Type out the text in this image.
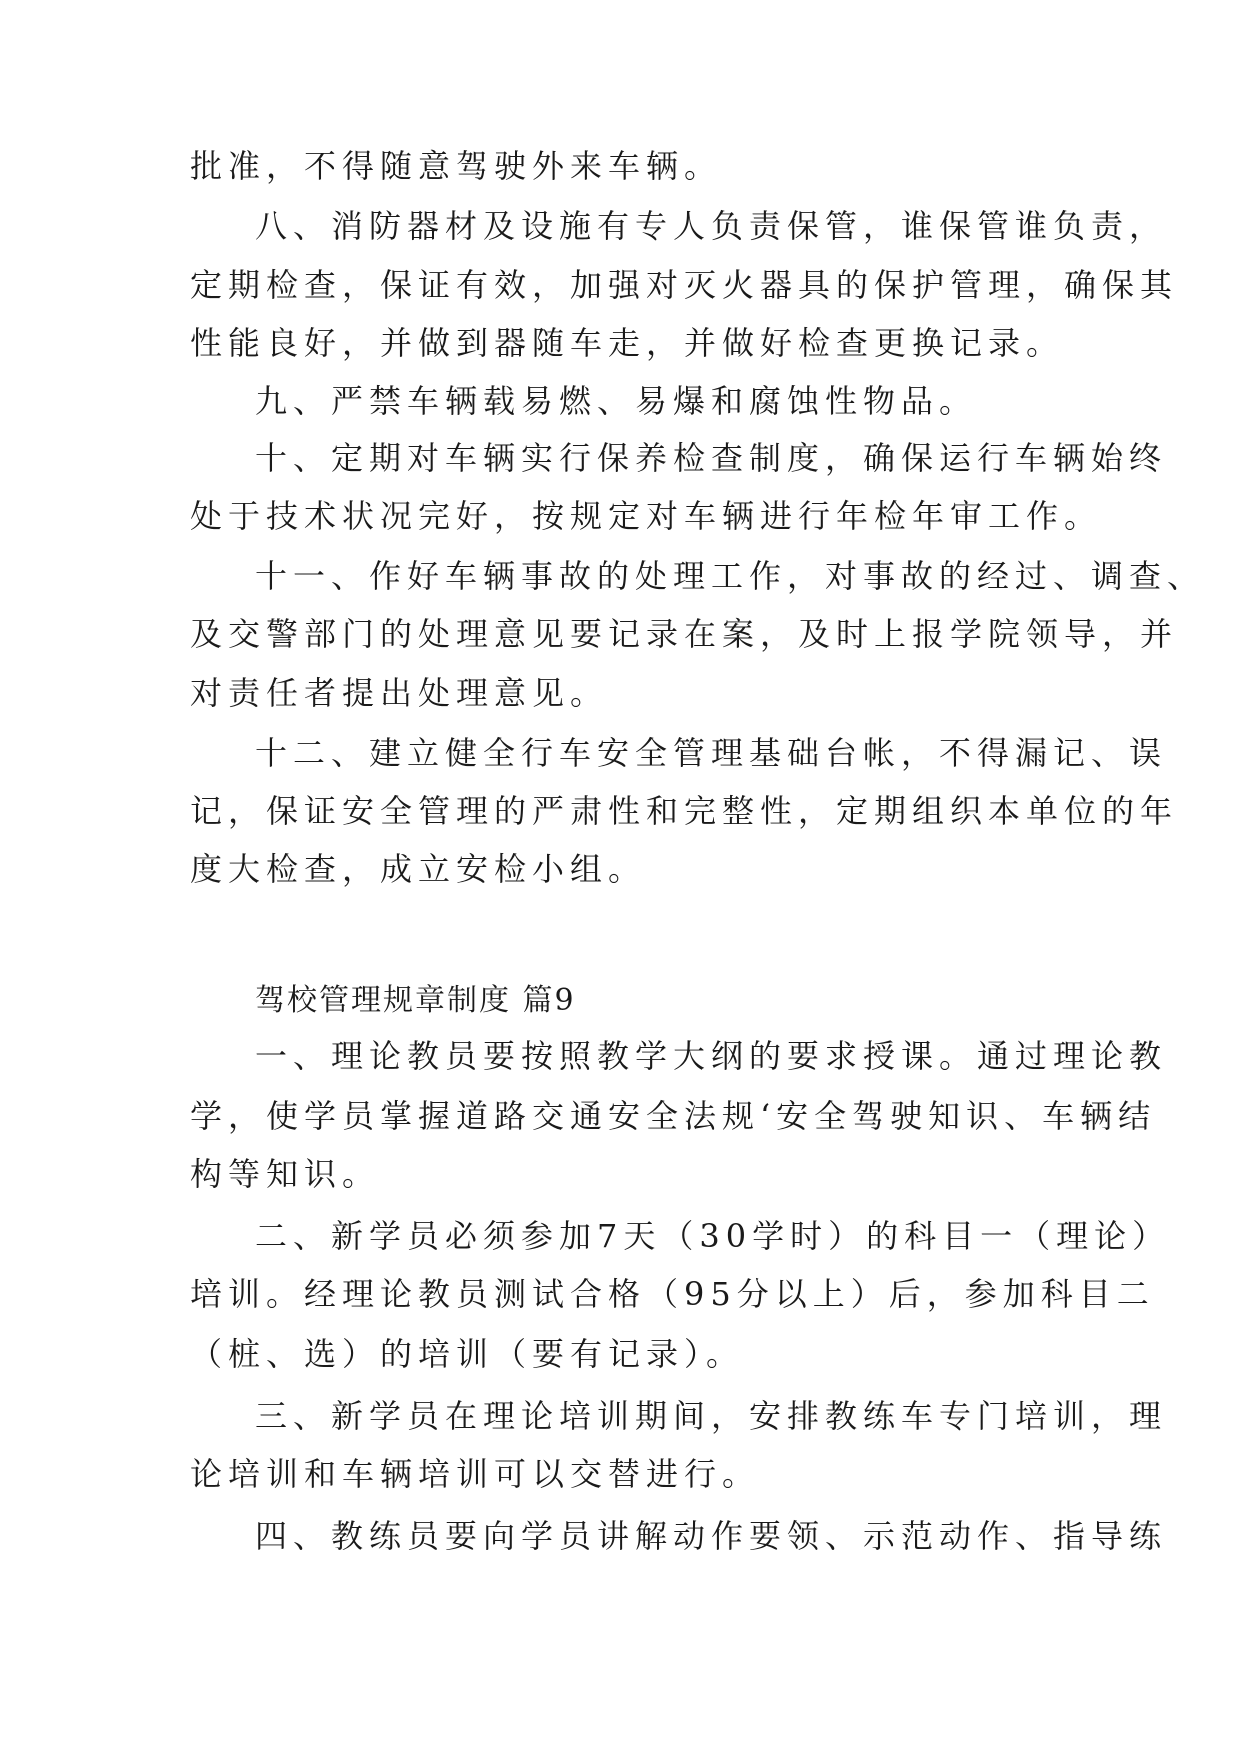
批准，不得随意驾驶外来车辆。
八、消防器材及设施有专人负责保管，谁保管谁负责，
定期检查，保证有效，加强对灭火器具的保护管理，确保其
性能良好，并做到器随车走，并做好检查更换记录。
九、严禁车辆载易燃、易爆和腐蚀性物品。
十、定期对车辆实行保养检查制度，确保运行车辆始终
处于技术状况完好，按规定对车辆进行年检年审工作。
十一、作好车辆事故的处理工作，对事故的经过、调查、
及交警部门的处理意见要记录在案，及时上报学院领导，并
对责任者提出处理意见。
十二、建立健全行车安全管理基础台帐，不得漏记、误
记，保证安全管理的严肃性和完整性，定期组织本单位的年
度大检查，成立安检小组。
驾校管理规章制度 篇9
一、理论教员要按照教学大纲的要求授课。通过理论教
学，使学员掌握道路交通安全法规‘安全驾驶知识、车辆结
构等知识。
二、新学员必须参加7天（30学时）的科目一（理论）
培训。经理论教员测试合格（95分以上）后，参加科目二
（桩、选）的培训（要有记录）。
三、新学员在理论培训期间，安排教练车专门培训，理
论培训和车辆培训可以交替进行。
四、教练员要向学员讲解动作要领、示范动作、指导练
